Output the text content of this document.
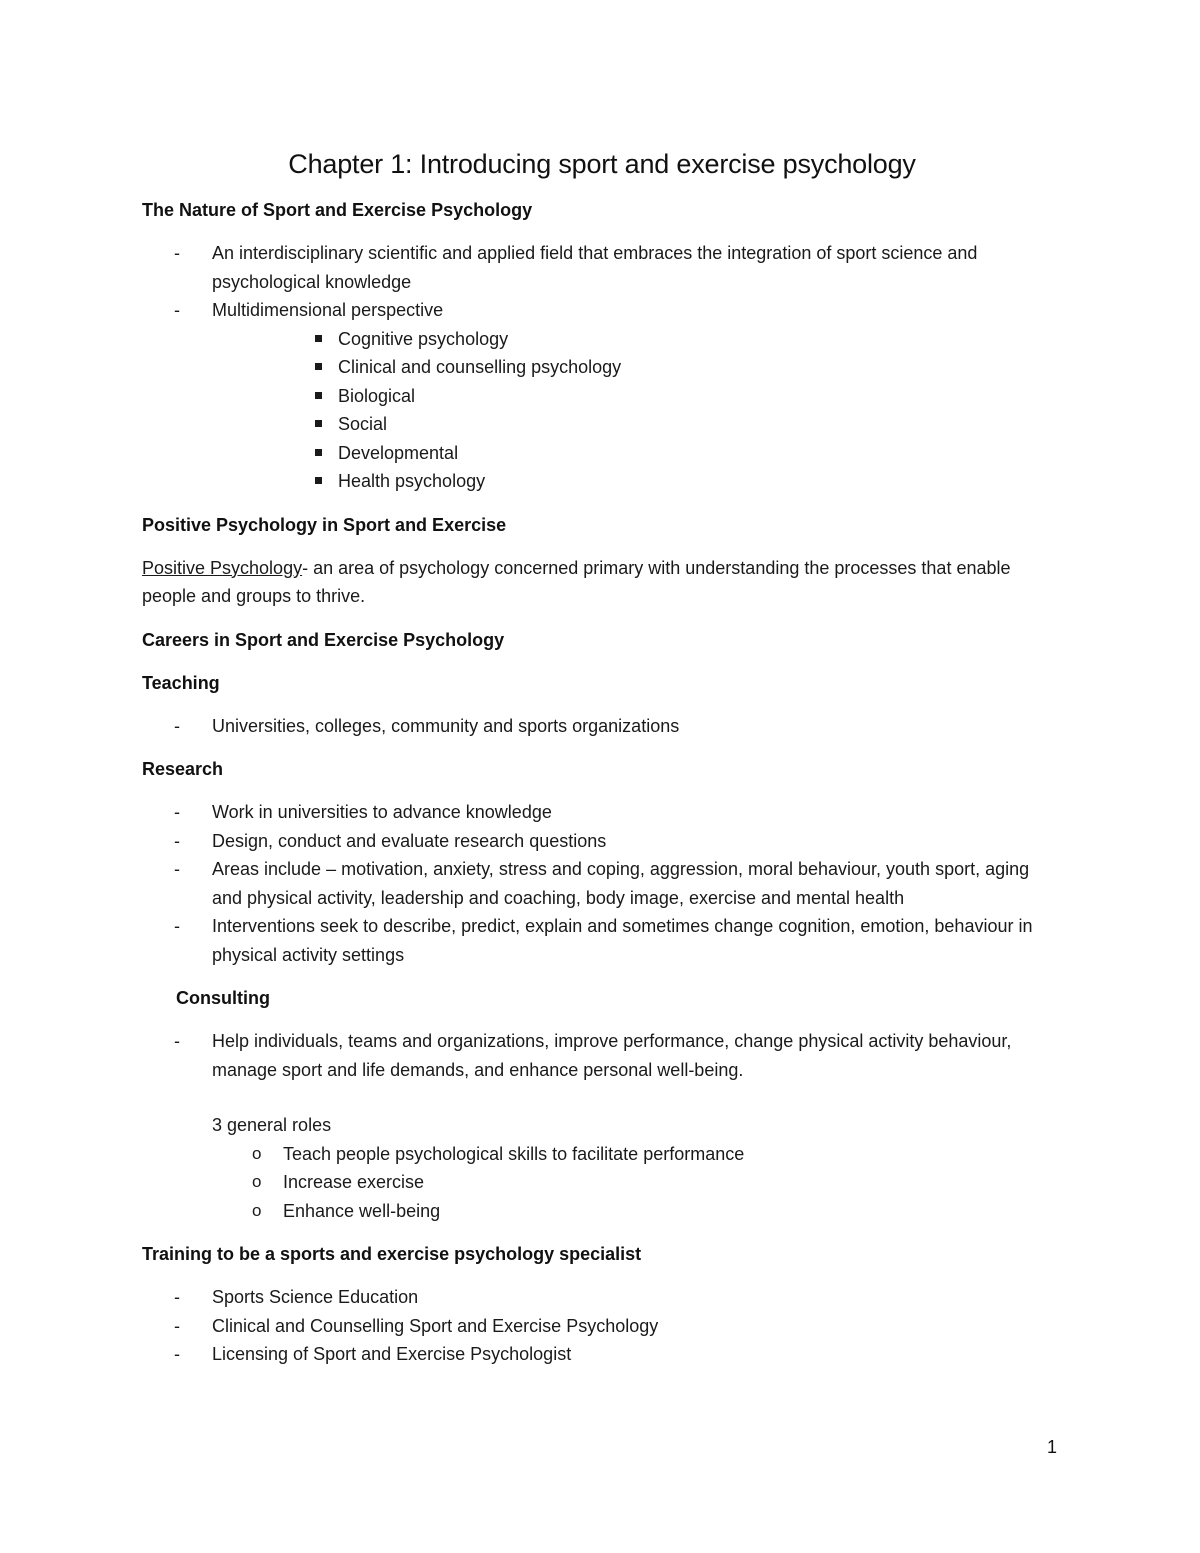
Chapter 1: Introducing sport and exercise psychology
The Nature of Sport and Exercise Psychology
-	An interdisciplinary scientific and applied field that embraces the integration of sport science and psychological knowledge
-	Multidimensional perspective
Cognitive psychology
Clinical and counselling psychology
Biological
Social
Developmental
Health psychology
Positive Psychology in Sport and Exercise

Positive Psychology- an area of psychology concerned primary with understanding the processes that enable people and groups to thrive.

Careers in Sport and Exercise Psychology
Teaching
-	Universities, colleges, community and sports organizations
Research
-	Work in universities to advance knowledge
-	Design, conduct and evaluate research questions
-	Areas include – motivation, anxiety, stress and coping, aggression, moral behaviour, youth sport, aging and physical activity, leadership and coaching, body image, exercise and mental health
-	Interventions seek to describe, predict, explain and sometimes change cognition, emotion, behaviour in physical activity settings
Consulting
-	Help individuals, teams and organizations, improve performance, change physical activity behaviour, manage sport and life demands, and enhance personal well-being.
3 general roles
o Teach people psychological skills to facilitate performance
o Increase exercise
o Enhance well-being
Training to be a sports and exercise psychology specialist
-	Sports Science Education
-	Clinical and Counselling Sport and Exercise Psychology
-	Licensing of Sport and Exercise Psychologist
1
